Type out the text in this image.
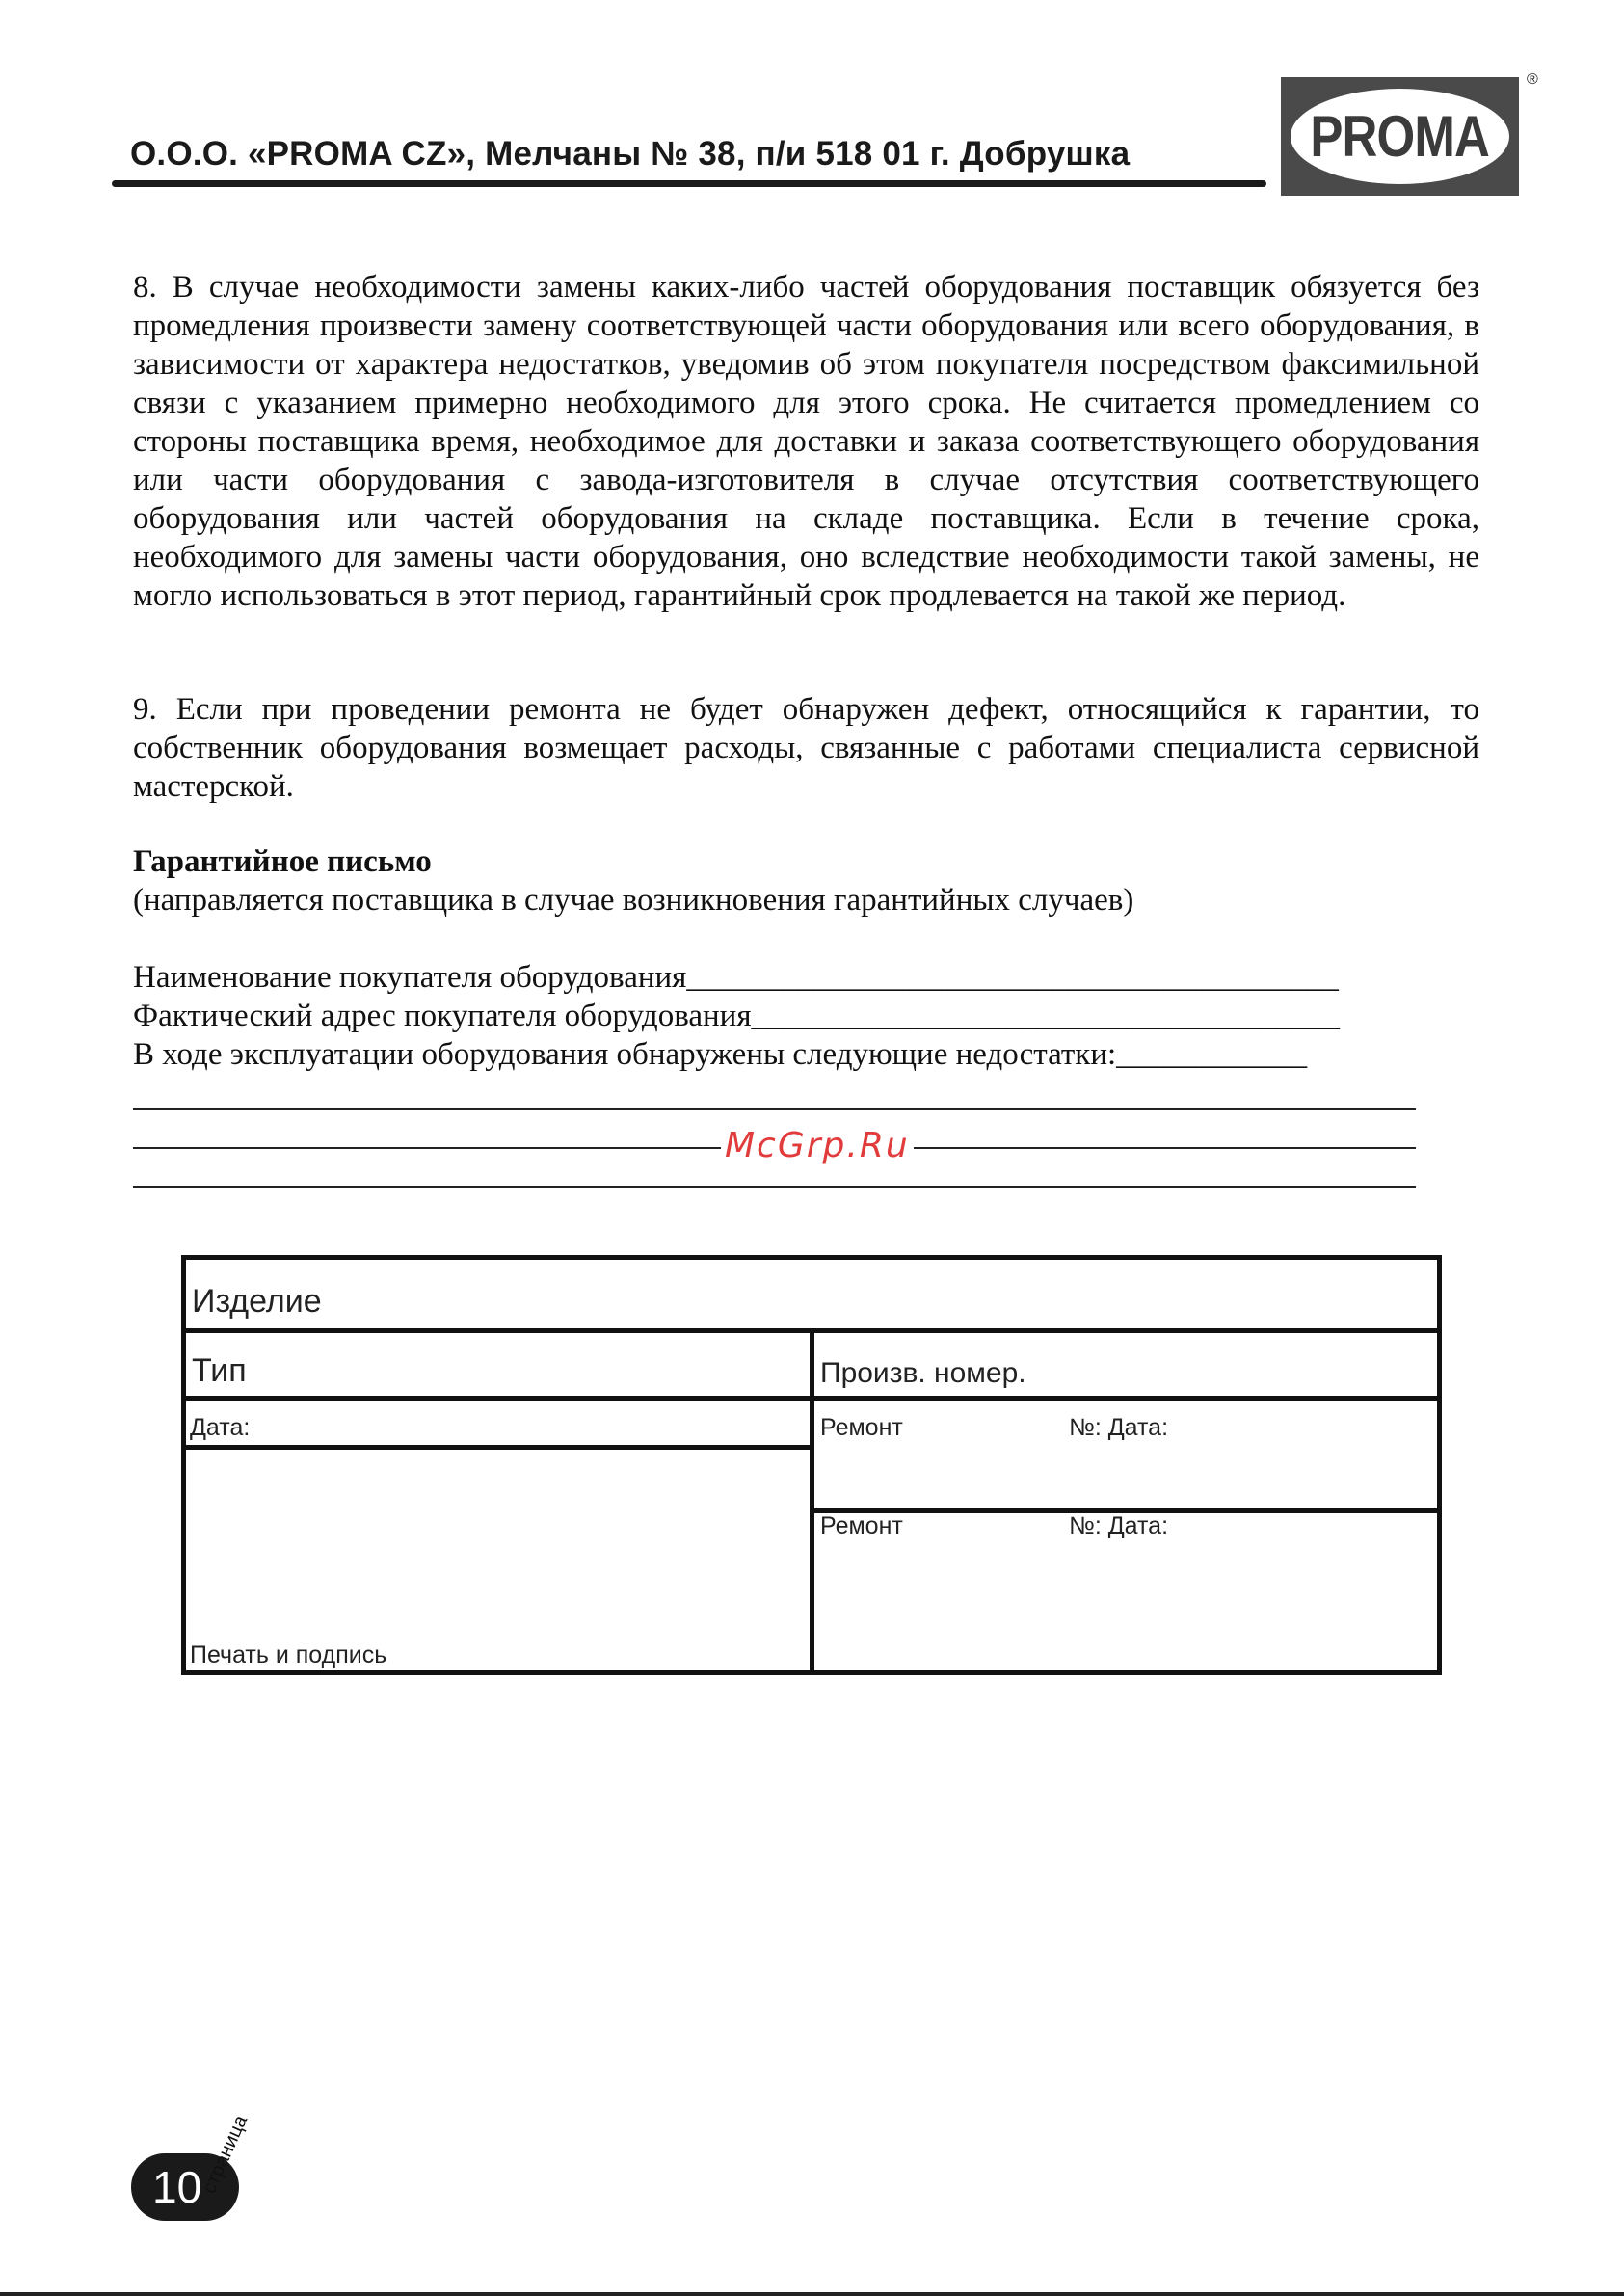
О.О.О. «PROMA CZ», Мелчаны № 38, п/и 518 01 г. Добрушка	PROMA
®
8. В случае необходимости замены каких-либо частей оборудования поставщик обязуется без промедления произвести замену соответствующей части оборудования или всего оборудования, в зависимости от характера недостатков, уведомив об этом покупателя посредством факсимильной связи с указанием примерно необходимого для этого срока. Не считается промедлением со стороны поставщика время, необходимое для доставки и заказа соответствующего оборудования или части оборудования с завода-изготовителя в случае отсутствия соответствующего оборудования или частей оборудования на складе поставщика. Если в течение срока, необходимого для замены части оборудования, оно вследствие необходимости такой замены, не могло использоваться в этот период, гарантийный срок продлевается на такой же период.
9. Если при проведении ремонта не будет обнаружен дефект, относящийся к гарантии, то собственник оборудования возмещает расходы, связанные с работами специалиста сервисной мастерской.
Гарантийное письмо
(направляется поставщика в случае возникновения гарантийных случаев)
Наименование покупателя оборудования_________________________________________
Фактический адрес покупателя оборудования_____________________________________
В ходе эксплуатации оборудования обнаружены следующие недостатки:____________
McGrp.Ru
Изделие
Тип	Произв. номер.
Дата:
Печать и подпись
Ремонт	№: Дата:
Ремонт	№: Дата:
10
страница
